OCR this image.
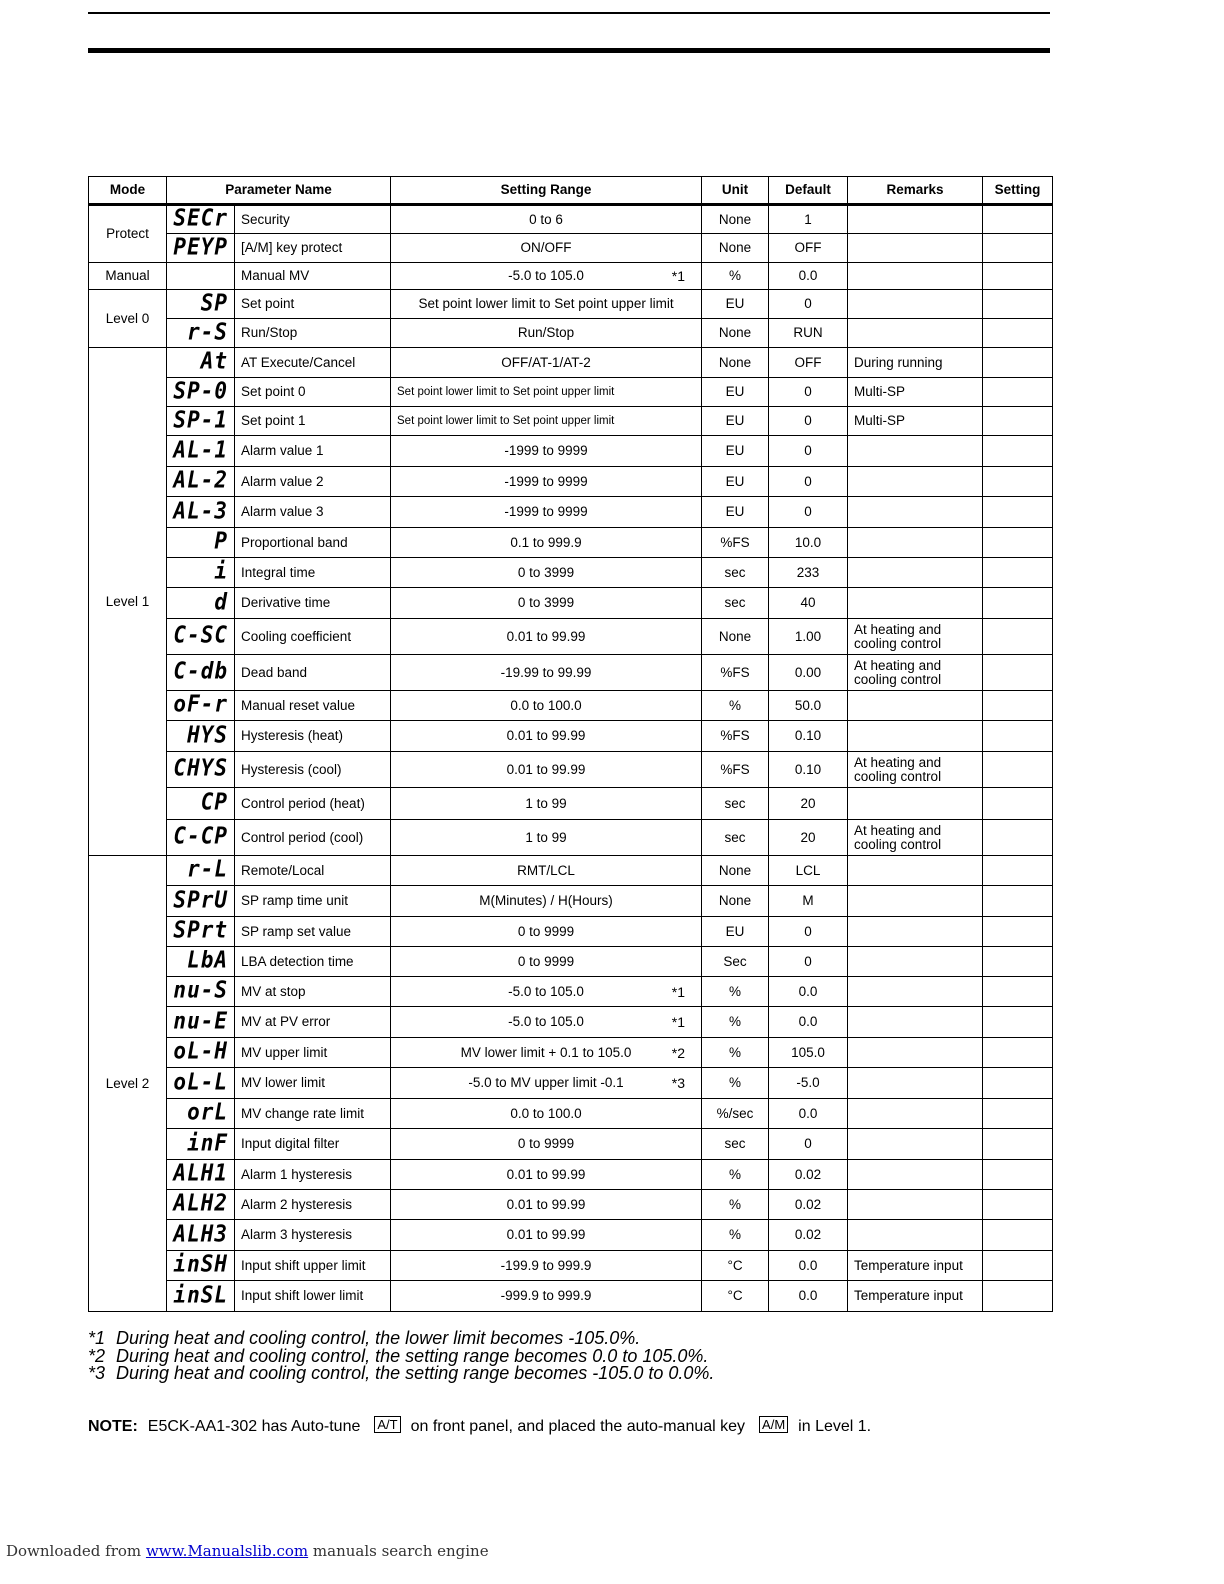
Mode	Parameter Name		Setting Range	Unit	Default	Remarks	Setting
Protect	SECr	Security	0 to 6	None	1		
	PEYP	[A/M] key protect	ON/OFF	None	OFF		
Manual		Manual MV	-5.0 to 105.0 *1	%	0.0		
Level 0	SP	Set point	Set point lower limit to Set point upper limit	EU	0		
	r-S	Run/Stop	Run/Stop	None	RUN		
Level 1	At	AT Execute/Cancel	OFF/AT-1/AT-2	None	OFF	During running	
	SP-0	Set point 0	Set point lower limit to Set point upper limit	EU	0	Multi-SP	
	SP-1	Set point 1	Set point lower limit to Set point upper limit	EU	0	Multi-SP	
	AL-1	Alarm value 1	-1999 to 9999	EU	0		
	AL-2	Alarm value 2	-1999 to 9999	EU	0		
	AL-3	Alarm value 3	-1999 to 9999	EU	0		
	P	Proportional band	0.1 to 999.9	%FS	10.0		
	i	Integral time	0 to 3999	sec	233		
	d	Derivative time	0 to 3999	sec	40		
	C-SC	Cooling coefficient	0.01 to 99.99	None	1.00	At heating and cooling control	
	C-db	Dead band	-19.99 to 99.99	%FS	0.00	At heating and cooling control	
	oF-r	Manual reset value	0.0 to 100.0	%	50.0		
	HYS	Hysteresis (heat)	0.01 to 99.99	%FS	0.10		
	CHYS	Hysteresis (cool)	0.01 to 99.99	%FS	0.10	At heating and cooling control	
	CP	Control period (heat)	1 to 99	sec	20		
	C-CP	Control period (cool)	1 to 99	sec	20	At heating and cooling control	
Level 2	r-L	Remote/Local	RMT/LCL	None	LCL		
	SPrU	SP ramp time unit	M(Minutes) / H(Hours)	None	M		
	SPrt	SP ramp set value	0 to 9999	EU	0		
	LbA	LBA detection time	0 to 9999	Sec	0		
	nu-S	MV at stop	-5.0 to 105.0 *1	%	0.0		
	nu-E	MV at PV error	-5.0 to 105.0 *1	%	0.0		
	oL-H	MV upper limit	MV lower limit + 0.1 to 105.0 *2	%	105.0		
	oL-L	MV lower limit	-5.0 to MV upper limit -0.1 *3	%	-5.0		
	orL	MV change rate limit	0.0 to 100.0	%/sec	0.0		
	inF	Input digital filter	0 to 9999	sec	0		
	ALH1	Alarm 1 hysteresis	0.01 to 99.99	%	0.02		
	ALH2	Alarm 2 hysteresis	0.01 to 99.99	%	0.02		
	ALH3	Alarm 3 hysteresis	0.01 to 99.99	%	0.02		
	inSH	Input shift upper limit	-199.9 to 999.9	°C	0.0	Temperature input	
	inSL	Input shift lower limit	-999.9 to 999.9	°C	0.0	Temperature input	
*1 During heat and cooling control, the lower limit becomes -105.0%.
*2 During heat and cooling control, the setting range becomes 0.0 to 105.0%.
*3 During heat and cooling control, the setting range becomes -105.0 to 0.0%.
NOTE: E5CK-AA1-302 has Auto-tune A/T on front panel, and placed the auto-manual key A/M in Level 1.
Downloaded from www.Manualslib.com manuals search engine
